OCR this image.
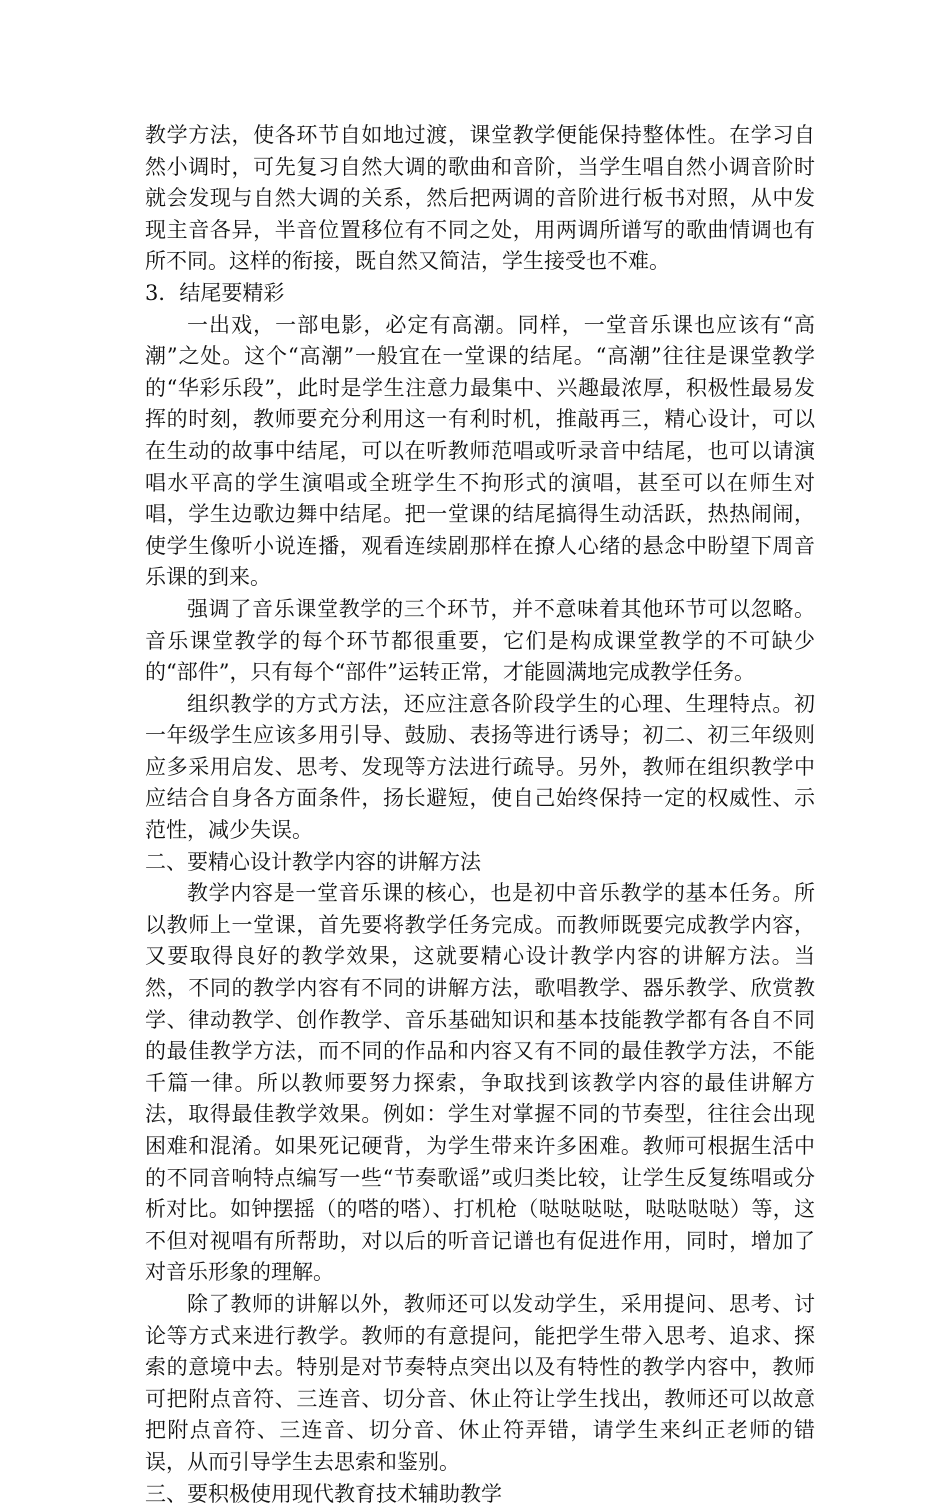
教学方法，使各环节自如地过渡，课堂教学便能保持整体性。在学习自然小调时，可先复习自然大调的歌曲和音阶，当学生唱自然小调音阶时就会发现与自然大调的关系，然后把两调的音阶进行板书对照，从中发现主音各异，半音位置移位有不同之处，用两调所谱写的歌曲情调也有所不同。这样的衔接，既自然又简洁，学生接受也不难。

3．结尾要精彩

一出戏，一部电影，必定有高潮。同样，一堂音乐课也应该有“高潮”之处。这个“高潮”一般宜在一堂课的结尾。“高潮”往往是课堂教学的“华彩乐段”，此时是学生注意力最集中、兴趣最浓厚，积极性最易发挥的时刻，教师要充分利用这一有利时机，推敲再三，精心设计，可以在生动的故事中结尾，可以在听教师范唱或听录音中结尾，也可以请演唱水平高的学生演唱或全班学生不拘形式的演唱，甚至可以在师生对唱，学生边歌边舞中结尾。把一堂课的结尾搞得生动活跃，热热闹闹，使学生像听小说连播，观看连续剧那样在撩人心绪的悬念中盼望下周音乐课的到来。

强调了音乐课堂教学的三个环节，并不意味着其他环节可以忽略。音乐课堂教学的每个环节都很重要，它们是构成课堂教学的不可缺少的“部件”，只有每个“部件”运转正常，才能圆满地完成教学任务。

组织教学的方式方法，还应注意各阶段学生的心理、生理特点。初一年级学生应该多用引导、鼓励、表扬等进行诱导；初二、初三年级则应多采用启发、思考、发现等方法进行疏导。另外，教师在组织教学中应结合自身各方面条件，扬长避短，使自己始终保持一定的权威性、示范性，减少失误。

二、要精心设计教学内容的讲解方法

教学内容是一堂音乐课的核心，也是初中音乐教学的基本任务。所以教师上一堂课，首先要将教学任务完成。而教师既要完成教学内容，又要取得良好的教学效果，这就要精心设计教学内容的讲解方法。当然，不同的教学内容有不同的讲解方法，歌唱教学、器乐教学、欣赏教学、律动教学、创作教学、音乐基础知识和基本技能教学都有各自不同的最佳教学方法，而不同的作品和内容又有不同的最佳教学方法，不能千篇一律。所以教师要努力探索，争取找到该教学内容的最佳讲解方法，取得最佳教学效果。例如：学生对掌握不同的节奏型，往往会出现困难和混淆。如果死记硬背，为学生带来许多困难。教师可根据生活中的不同音响特点编写一些“节奏歌谣”或归类比较，让学生反复练唱或分析对比。如钟摆摇（的嗒的嗒）、打机枪（哒哒哒哒，哒哒哒哒）等，这不但对视唱有所帮助，对以后的听音记谱也有促进作用，同时，增加了对音乐形象的理解。

除了教师的讲解以外，教师还可以发动学生，采用提问、思考、讨论等方式来进行教学。教师的有意提问，能把学生带入思考、追求、探索的意境中去。特别是对节奏特点突出以及有特性的教学内容中，教师可把附点音符、三连音、切分音、休止符让学生找出，教师还可以故意把附点音符、三连音、切分音、休止符弄错，请学生来纠正老师的错误，从而引导学生去思索和鉴别。

三、要积极使用现代教育技术辅助教学
